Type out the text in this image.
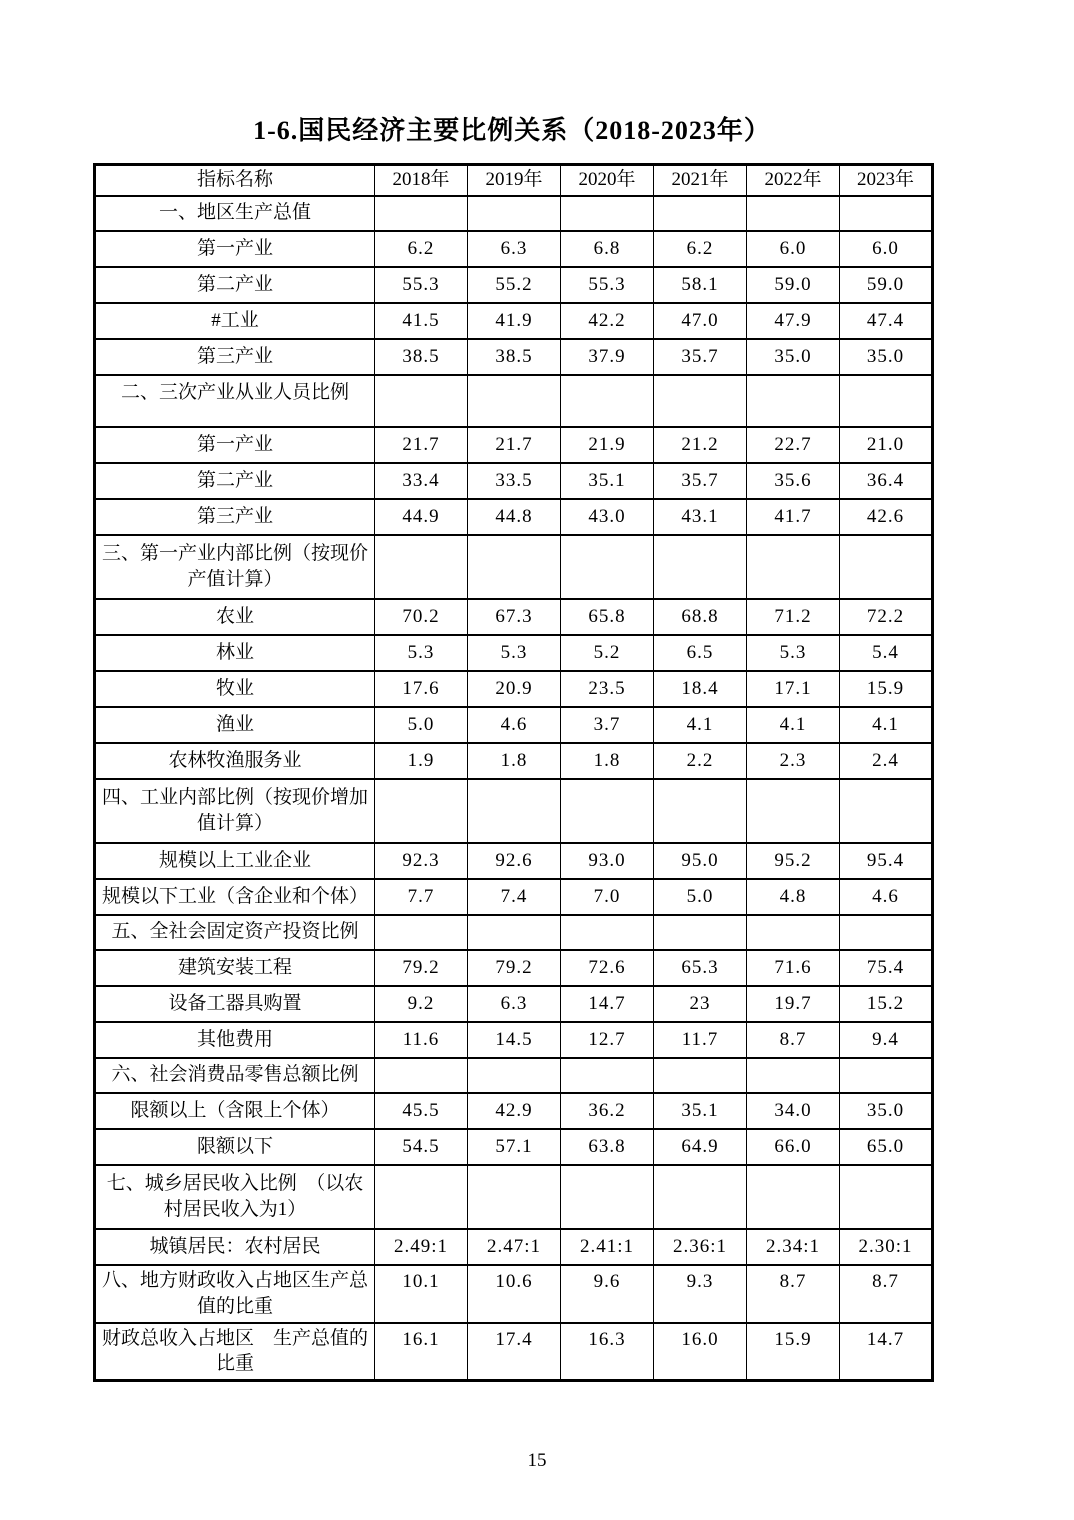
1-6.国民经济主要比例关系（2018-2023年）
指标名称	2018年	2019年	2020年	2021年	2022年	2023年
一、地区生产总值						
第一产业	6.2	6.3	6.8	6.2	6.0	6.0
第二产业	55.3	55.2	55.3	58.1	59.0	59.0
#工业	41.5	41.9	42.2	47.0	47.9	47.4
第三产业	38.5	38.5	37.9	35.7	35.0	35.0
二、三次产业从业人员比例						
第一产业	21.7	21.7	21.9	21.2	22.7	21.0
第二产业	33.4	33.5	35.1	35.7	35.6	36.4
第三产业	44.9	44.8	43.0	43.1	41.7	42.6
三、第一产业内部比例（按现价产值计算）						
农业	70.2	67.3	65.8	68.8	71.2	72.2
林业	5.3	5.3	5.2	6.5	5.3	5.4
牧业	17.6	20.9	23.5	18.4	17.1	15.9
渔业	5.0	4.6	3.7	4.1	4.1	4.1
农林牧渔服务业	1.9	1.8	1.8	2.2	2.3	2.4
四、工业内部比例（按现价增加值计算）						
规模以上工业企业	92.3	92.6	93.0	95.0	95.2	95.4
规模以下工业（含企业和个体）	7.7	7.4	7.0	5.0	4.8	4.6
五、全社会固定资产投资比例						
建筑安装工程	79.2	79.2	72.6	65.3	71.6	75.4
设备工器具购置	9.2	6.3	14.7	23	19.7	15.2
其他费用	11.6	14.5	12.7	11.7	8.7	9.4
六、社会消费品零售总额比例						
限额以上（含限上个体）	45.5	42.9	36.2	35.1	34.0	35.0
限额以下	54.5	57.1	63.8	64.9	66.0	65.0
七、城乡居民收入比例　（以农村居民收入为1）						
城镇居民：农村居民	2.49:1	2.47:1	2.41:1	2.36:1	2.34:1	2.30:1
八、地方财政收入占地区生产总值的比重	10.1	10.6	9.6	9.3	8.7	8.7
财政总收入占地区　生产总值的比重	16.1	17.4	16.3	16.0	15.9	14.7
15
